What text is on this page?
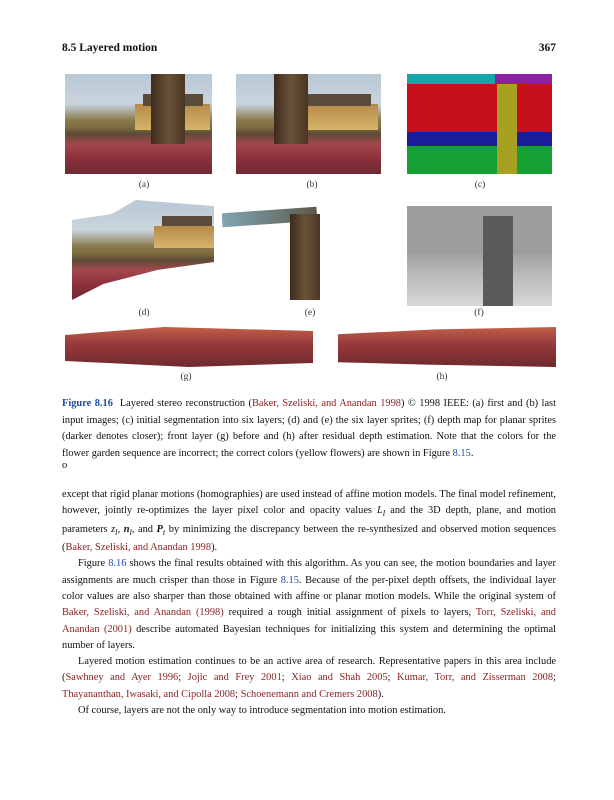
8.5 Layered motion	367
(a)	(b)	(c)
(d)	(e)	(f)
(g)	(h)
Figure 8.16 Layered stereo reconstruction (Baker, Szeliski, and Anandan 1998) © 1998 IEEE: (a) first and (b) last input images; (c) initial segmentation into six layers; (d) and (e) the six layer sprites; (f) depth map for planar sprites (darker denotes closer); front layer (g) before and (h) after residual depth estimation. Note that the colors for the flower garden sequence are incorrect; the correct colors (yellow flowers) are shown in Figure 8.15.
o

except that rigid planar motions (homographies) are used instead of affine motion models. The final model refinement, however, jointly re-optimizes the layer pixel color and opacity values $L_l$ and the 3D depth, plane, and motion parameters $z_l$, $n_l$, and $P_t$ by minimizing the discrepancy between the re-synthesized and observed motion sequences (Baker, Szeliski, and Anandan 1998).

Figure 8.16 shows the final results obtained with this algorithm. As you can see, the motion boundaries and layer assignments are much crisper than those in Figure 8.15. Because of the per-pixel depth offsets, the individual layer color values are also sharper than those obtained with affine or planar motion models. While the original system of Baker, Szeliski, and Anandan (1998) required a rough initial assignment of pixels to layers, Torr, Szeliski, and Anandan (2001) describe automated Bayesian techniques for initializing this system and determining the optimal number of layers.

Layered motion estimation continues to be an active area of research. Representative papers in this area include (Sawhney and Ayer 1996; Jojic and Frey 2001; Xiao and Shah 2005; Kumar, Torr, and Zisserman 2008; Thayananthan, Iwasaki, and Cipolla 2008; Schoenemann and Cremers 2008).

Of course, layers are not the only way to introduce segmentation into motion estimation.
